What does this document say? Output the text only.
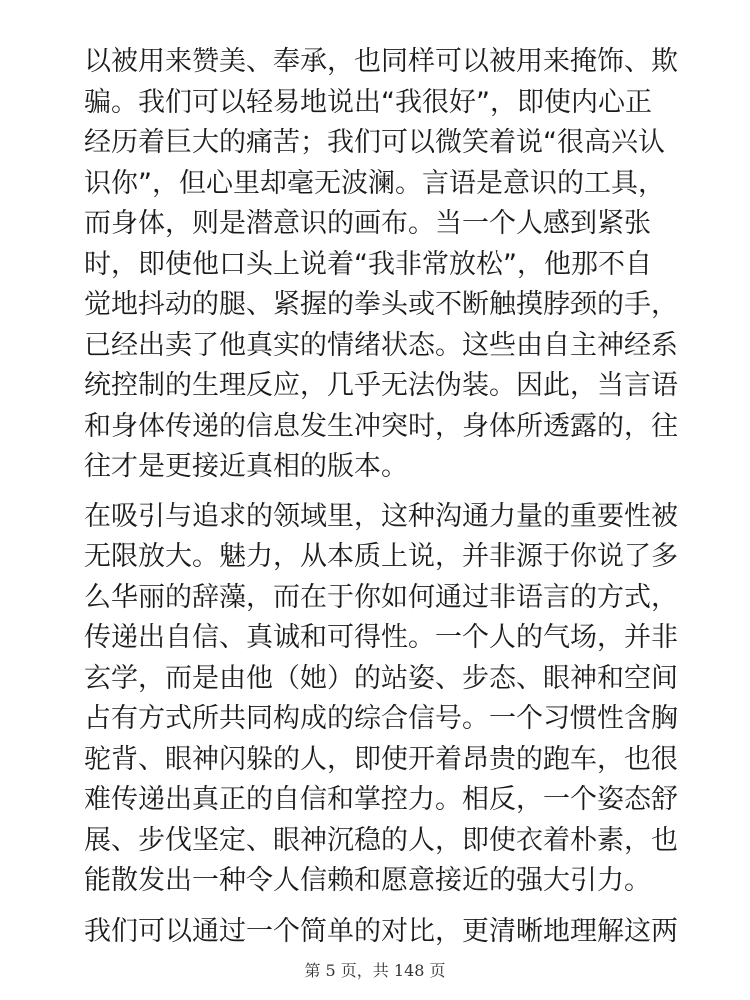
以被用来赞美、奉承，也同样可以被用来掩饰、欺
骗。我们可以轻易地说出“我很好”，即使内心正
经历着巨大的痛苦；我们可以微笑着说“很高兴认
识你”，但心里却毫无波澜。言语是意识的工具，
而身体，则是潜意识的画布。当一个人感到紧张
时，即使他口头上说着“我非常放松”，他那不自
觉地抖动的腿、紧握的拳头或不断触摸脖颈的手，
已经出卖了他真实的情绪状态。这些由自主神经系
统控制的生理反应，几乎无法伪装。因此，当言语
和身体传递的信息发生冲突时，身体所透露的，往
往才是更接近真相的版本。
在吸引与追求的领域里，这种沟通力量的重要性被
无限放大。魅力，从本质上说，并非源于你说了多
么华丽的辞藻，而在于你如何通过非语言的方式，
传递出自信、真诚和可得性。一个人的气场，并非
玄学，而是由他（她）的站姿、步态、眼神和空间
占有方式所共同构成的综合信号。一个习惯性含胸
驼背、眼神闪躲的人，即使开着昂贵的跑车，也很
难传递出真正的自信和掌控力。相反，一个姿态舒
展、步伐坚定、眼神沉稳的人，即使衣着朴素，也
能散发出一种令人信赖和愿意接近的强大引力。
我们可以通过一个简单的对比，更清晰地理解这两
第 5 页，共 148 页
